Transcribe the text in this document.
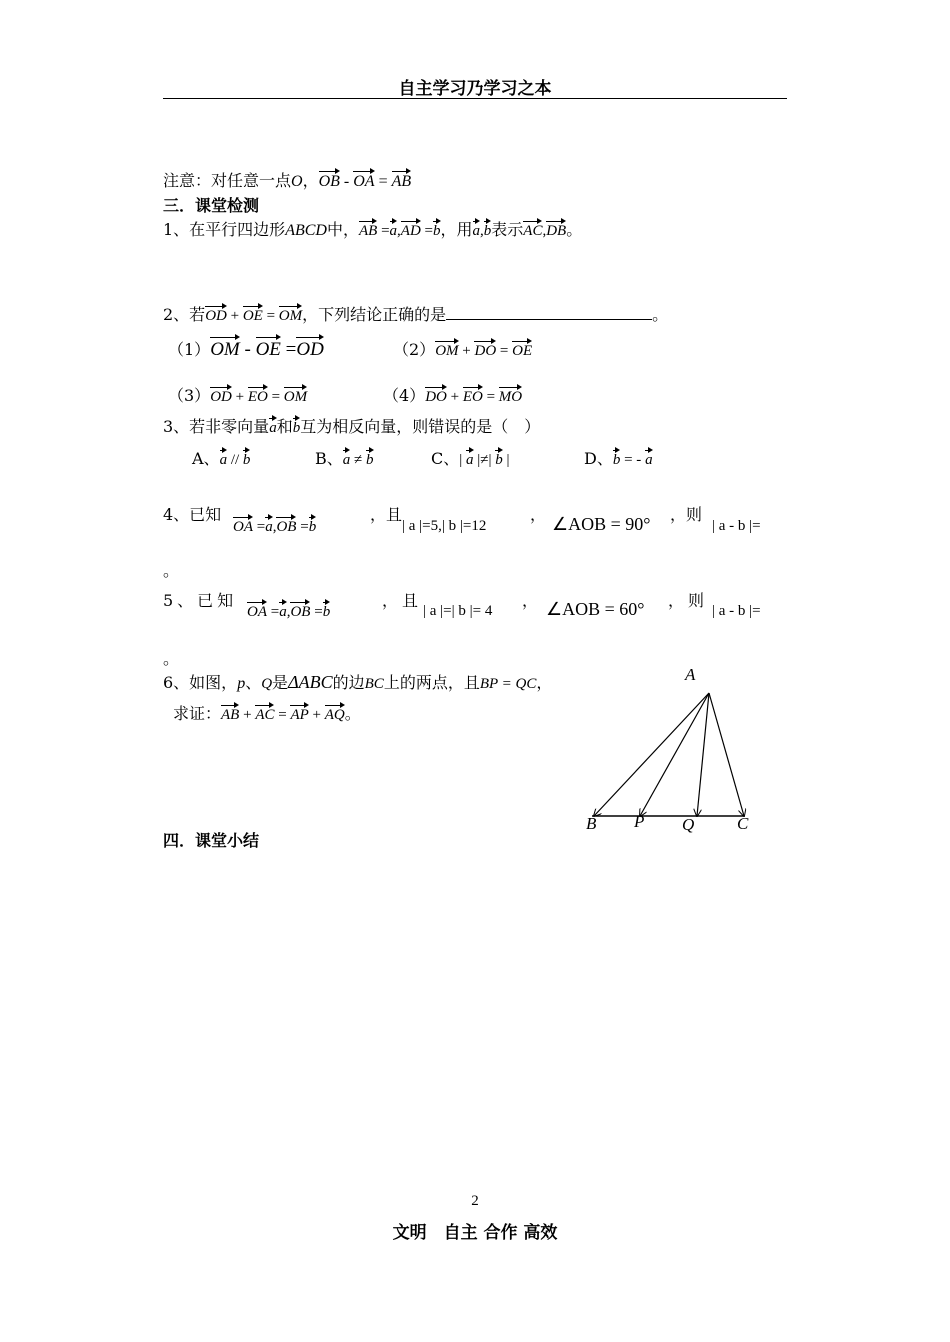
自主学习乃学习之本
注意：对任意一点O，OB - OA = AB
三．课堂检测
1、在平行四边形ABCD中，AB =a,AD =b，用a,b表示AC,DB。
2、若OD + OE = OM，下列结论正确的是	。
（1）OM - OE =OD	（2）OM + DO = OE
（3）OD + EO = OM	（4）DO + EO = MO
3、若非零向量a和b互为相反向量，则错误的是（　）
A、a // b	B、a ≠ b	C、| a |≠| b |	D、b = - a
4、已知
OA =a,OB =b
，且
| a |=5,| b |=12
， ∠AOB = 90° ，则
| a - b |=
。
5、已知
OA =a,OB =b
，且
| a |=| b |= 4
， ∠AOB = 60° ，则
| a - b |=
。
6、如图，p、Q是ΔABC的边BC上的两点，且BP = QC，
求证：AB + AC = AP + AQ。
A
B P Q	C
四．课堂小结
2
文明　自主 合作 高效
